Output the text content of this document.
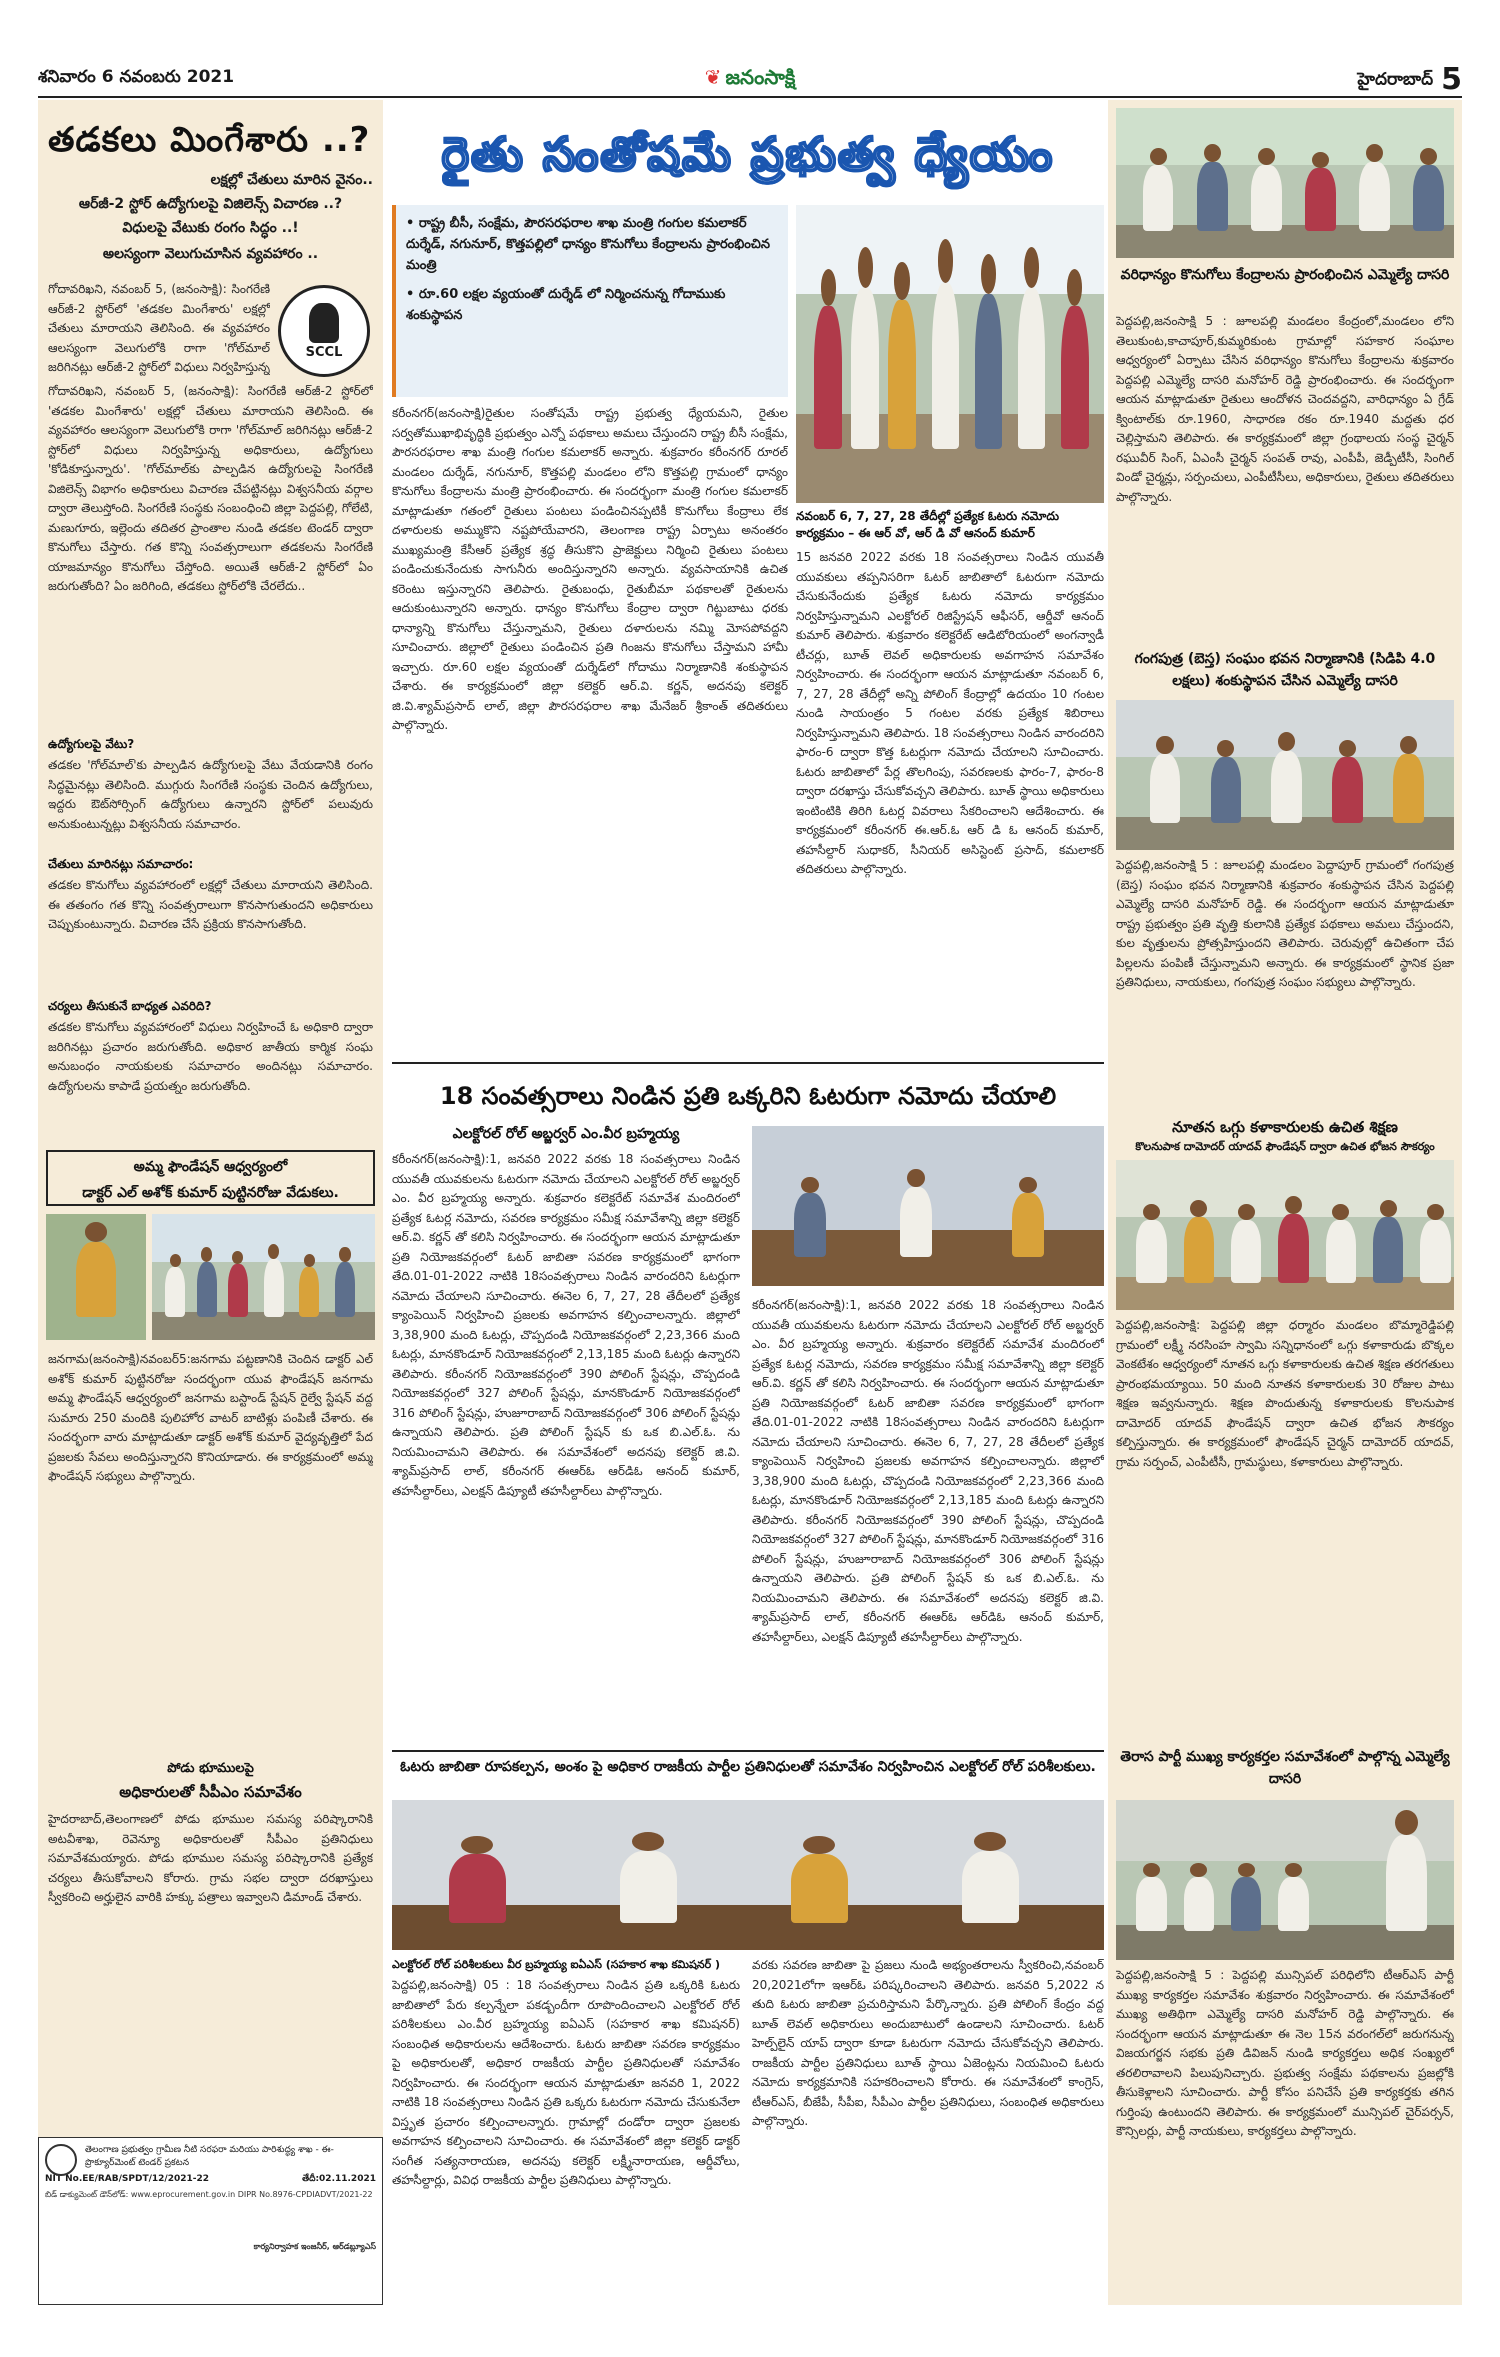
శనివారం 6 నవంబరు 2021	❦ జనంసాక్షి	హైదరాబాద్ 5
తడకలు మింగేశారు ..?
లక్షల్లో చేతులు మారిన వైనం..
ఆర్‌జీ-2 స్టోర్‌ ఉద్యోగులపై విజిలెన్స్‌ విచారణ ..?
విధులపై వేటుకు రంగం సిద్ధం ..!
అలస్యంగా వెలుగుచూసిన వ్యవహారం ..
SCCL
గోదావరిఖని, నవంబర్‌ 5, (జనంసాక్షి): సింగరేణి ఆర్‌జీ-2 స్టోర్‌లో 'తడకల మింగేశారు' లక్షల్లో చేతులు మారాయని తెలిసింది. ఈ వ్యవహారం ఆలస్యంగా వెలుగులోకి రాగా 'గోల్‌మాల్‌ జరిగినట్లు ఆర్‌జీ-2 స్టోర్‌లో విధులు నిర్వహిస్తున్న
గోదావరిఖని, నవంబర్‌ 5, (జనంసాక్షి): సింగరేణి ఆర్‌జీ-2 స్టోర్‌లో 'తడకల మింగేశారు' లక్షల్లో చేతులు మారాయని తెలిసింది. ఈ వ్యవహారం ఆలస్యంగా వెలుగులోకి రాగా 'గోల్‌మాల్‌ జరిగినట్లు ఆర్‌జీ-2 స్టోర్‌లో విధులు నిర్వహిస్తున్న అధికారులు, ఉద్యోగులు 'కోడికూస్తున్నారు'. 'గోల్‌మాల్‌కు పాల్పడిన ఉద్యోగులపై సింగరేణి విజిలెన్స్‌ విభాగం అధికారులు విచారణ చేపట్టినట్లు విశ్వసనీయ వర్గాల ద్వారా తెలుస్తోంది. సింగరేణి సంస్థకు సంబంధించి జిల్లా పెద్దపల్లి, గోలేటి, మణుగూరు, ఇల్లెందు తదితర ప్రాంతాల నుండి తడకల టెండర్‌ ద్వారా కొనుగోలు చేస్తారు. గత కొన్ని సంవత్సరాలుగా తడకలను సింగరేణి యాజమాన్యం కొనుగోలు చేస్తోంది. అయితే ఆర్‌జీ-2 స్టోర్‌లో ఏం జరుగుతోంది? ఏం జరిగింది, తడకలు స్టోర్‌లోకి చేరలేదు..
ఉద్యోగులపై వేటు?
తడకల 'గోల్‌మాల్‌'కు పాల్పడిన ఉద్యోగులపై వేటు వేయడానికి రంగం సిద్ధమైనట్లు తెలిసింది. ముగ్గురు సింగరేణి సంస్థకు చెందిన ఉద్యోగులు, ఇద్దరు ఔట్‌సోర్సింగ్‌ ఉద్యోగులు ఉన్నారని స్టోర్‌లో పలువురు అనుకుంటున్నట్లు విశ్వసనీయ సమాచారం.
చేతులు మారినట్లు సమాచారం:
తడకల కొనుగోలు వ్యవహారంలో లక్షల్లో చేతులు మారాయని తెలిసింది. ఈ తతంగం గత కొన్ని సంవత్సరాలుగా కొనసాగుతుందని అధికారులు చెప్పుకుంటున్నారు. విచారణ చేసే ప్రక్రియ కొనసాగుతోంది.
చర్యలు తీసుకునే బాధ్యత ఎవరిది?
తడకల కొనుగోలు వ్యవహారంలో విధులు నిర్వహించే ఓ అధికారి ద్వారా జరిగినట్లు ప్రచారం జరుగుతోంది. అధికార జాతీయ కార్మిక సంఘ అనుబంధం నాయకులకు సమాచారం అందినట్లు సమాచారం. ఉద్యోగులను కాపాడే ప్రయత్నం జరుగుతోంది.
అమ్మ ఫౌండేషన్‌ ఆధ్వర్యంలో
డాక్టర్‌ ఎల్‌ అశోక్‌ కుమార్‌ పుట్టినరోజు వేడుకలు.
జనగామ(జనంసాక్షి)నవంబర్‌5:జనగామ పట్టణానికి చెందిన డాక్టర్‌ ఎల్‌ అశోక్‌ కుమార్‌ పుట్టినరోజు సందర్భంగా యువ ఫౌండేషన్‌ జనగామ అమ్మ ఫౌండేషన్‌ ఆధ్వర్యంలో జనగామ బస్టాండ్‌ స్టేషన్‌ రైల్వే స్టేషన్‌ వద్ద సుమారు 250 మందికి పులిహోర వాటర్‌ బాటిళ్లు పంపిణీ చేశారు. ఈ సందర్భంగా వారు మాట్లాడుతూ డాక్టర్‌ అశోక్‌ కుమార్‌ వైద్యవృత్తిలో పేద ప్రజలకు సేవలు అందిస్తున్నారని కొనియాడారు. ఈ కార్యక్రమంలో అమ్మ ఫౌండేషన్‌ సభ్యులు పాల్గొన్నారు.
పోడు భూములపై
అధికారులతో సీపీఎం సమావేశం
హైదరాబాద్‌,తెలంగాణలో పోడు భూముల సమస్య పరిష్కారానికి అటవీశాఖ, రెవెన్యూ అధికారులతో సీపీఎం ప్రతినిధులు సమావేశమయ్యారు. పోడు భూముల సమస్య పరిష్కారానికి ప్రత్యేక చర్యలు తీసుకోవాలని కోరారు. గ్రామ సభల ద్వారా దరఖాస్తులు స్వీకరించి అర్హులైన వారికి హక్కు పత్రాలు ఇవ్వాలని డిమాండ్‌ చేశారు.
తెలంగాణ ప్రభుత్వం గ్రామీణ నీటి సరఫరా మరియు పారిశుద్ధ్య శాఖ - ఈ-ప్రొక్యూర్‌మెంట్‌ టెండర్‌ ప్రకటన
NIT No.EE/RAB/SPDT/12/2021-22	తేదీ:02.11.2021
బిడ్‌ డాక్యుమెంట్‌ డౌన్‌లోడ్‌: www.eprocurement.gov.in DIPR No.8976-CPDIADVT/2021-22
కార్యనిర్వాహక ఇంజనీర్‌, ఆర్‌డబ్ల్యూఎస్‌
రైతు సంతోషమే ప్రభుత్వ ధ్యేయం
• రాష్ట్ర బీసీ, సంక్షేమ, పౌరసరఫరాల శాఖ మంత్రి గంగుల కమలాకర్‌ దుర్శేడ్‌, నగునూర్‌, కొత్తపల్లిలో ధాన్యం కొనుగోలు కేంద్రాలను ప్రారంభించిన మంత్రి
• రూ.60 లక్షల వ్యయంతో దుర్శేడ్‌ లో నిర్మించనున్న గోదాముకు శంకుస్థాపన
కరీంనగర్‌(జనంసాక్షి)రైతుల సంతోషమే రాష్ట్ర ప్రభుత్వ ధ్యేయమని, రైతుల సర్వతోముఖాభివృద్ధికి ప్రభుత్వం ఎన్నో పథకాలు అమలు చేస్తుందని రాష్ట్ర బీసీ సంక్షేమ, పౌరసరఫరాల శాఖ మంత్రి గంగుల కమలాకర్‌ అన్నారు. శుక్రవారం కరీంనగర్‌ రూరల్‌ మండలం దుర్శేడ్‌, నగునూర్‌, కొత్తపల్లి మండలం లోని కొత్తపల్లి గ్రామంలో ధాన్యం కొనుగోలు కేంద్రాలను మంత్రి ప్రారంభించారు. ఈ సందర్భంగా మంత్రి గంగుల కమలాకర్‌ మాట్లాడుతూ గతంలో రైతులు పంటలు పండించినప్పటికీ కొనుగోలు కేంద్రాలు లేక దళారులకు అమ్ముకొని నష్టపోయేవారని, తెలంగాణ రాష్ట్ర ఏర్పాటు అనంతరం ముఖ్యమంత్రి కేసీఆర్‌ ప్రత్యేక శ్రద్ధ తీసుకొని ప్రాజెక్టులు నిర్మించి రైతులు పంటలు పండించుకునేందుకు సాగునీరు అందిస్తున్నారని అన్నారు. వ్యవసాయానికి ఉచిత కరెంటు ఇస్తున్నారని తెలిపారు. రైతుబంధు, రైతుబీమా పథకాలతో రైతులను ఆదుకుంటున్నారని అన్నారు. ధాన్యం కొనుగోలు కేంద్రాల ద్వారా గిట్టుబాటు ధరకు ధాన్యాన్ని కొనుగోలు చేస్తున్నామని, రైతులు దళారులను నమ్మి మోసపోవద్దని సూచించారు. జిల్లాలో రైతులు పండించిన ప్రతి గింజను కొనుగోలు చేస్తామని హామీ ఇచ్చారు. రూ.60 లక్షల వ్యయంతో దుర్శేడ్‌లో గోదాము నిర్మాణానికి శంకుస్థాపన చేశారు. ఈ కార్యక్రమంలో జిల్లా కలెక్టర్‌ ఆర్‌.వి. కర్ణన్‌, అదనపు కలెక్టర్‌ జి.వి.శ్యామ్‌ప్రసాద్‌ లాల్‌, జిల్లా పౌరసరఫరాల శాఖ మేనేజర్‌ శ్రీకాంత్‌ తదితరులు పాల్గొన్నారు.
నవంబర్‌ 6, 7, 27, 28 తేదీల్లో ప్రత్యేక ఓటరు నమోదు కార్యక్రమం – ఈ ఆర్‌ వో, ఆర్‌ డి వో ఆనంద్‌ కుమార్‌
15 జనవరి 2022 వరకు 18 సంవత్సరాలు నిండిన యువతీ యువకులు తప్పనిసరిగా ఓటర్‌ జాబితాలో ఓటరుగా నమోదు చేసుకునేందుకు ప్రత్యేక ఓటరు నమోదు కార్యక్రమం నిర్వహిస్తున్నామని ఎలక్టోరల్‌ రిజిస్ట్రేషన్‌ ఆఫీసర్‌, ఆర్డీవో ఆనంద్‌ కుమార్‌ తెలిపారు. శుక్రవారం కలెక్టరేట్‌ ఆడిటోరియంలో అంగన్వాడీ టీచర్లు, బూత్‌ లెవల్‌ అధికారులకు అవగాహన సమావేశం నిర్వహించారు. ఈ సందర్భంగా ఆయన మాట్లాడుతూ నవంబర్‌ 6, 7, 27, 28 తేదీల్లో అన్ని పోలింగ్‌ కేంద్రాల్లో ఉదయం 10 గంటల నుండి సాయంత్రం 5 గంటల వరకు ప్రత్యేక శిబిరాలు నిర్వహిస్తున్నామని తెలిపారు. 18 సంవత్సరాలు నిండిన వారందరిని ఫారం-6 ద్వారా కొత్త ఓటర్లుగా నమోదు చేయాలని సూచించారు. ఓటరు జాబితాలో పేర్ల తొలగింపు, సవరణలకు ఫారం-7, ఫారం-8 ద్వారా దరఖాస్తు చేసుకోవచ్చని తెలిపారు. బూత్‌ స్థాయి అధికారులు ఇంటింటికి తిరిగి ఓటర్ల వివరాలు సేకరించాలని ఆదేశించారు. ఈ కార్యక్రమంలో కరీంనగర్‌ ఈ.ఆర్‌.ఓ ఆర్‌ డి ఓ ఆనంద్‌ కుమార్‌, తహసీల్దార్‌ సుధాకర్‌, సీనియర్‌ అసిస్టెంట్‌ ప్రసాద్‌, కమలాకర్‌ తదితరులు పాల్గొన్నారు.
18 సంవత్సరాలు నిండిన ప్రతి ఒక్కరిని ఓటరుగా నమోదు చేయాలి
ఎలక్టోరల్‌ రోల్‌ అబ్జర్వర్‌ ఎం.వీర బ్రహ్మయ్య
కరీంనగర్‌(జనంసాక్షి):1, జనవరి 2022 వరకు 18 సంవత్సరాలు నిండిన యువతీ యువకులను ఓటరుగా నమోదు చేయాలని ఎలక్టోరల్‌ రోల్‌ అబ్జర్వర్‌ ఎం. వీర బ్రహ్మయ్య అన్నారు. శుక్రవారం కలెక్టరేట్‌ సమావేశ మందిరంలో ప్రత్యేక ఓటర్ల నమోదు, సవరణ కార్యక్రమం సమీక్ష సమావేశాన్ని జిల్లా కలెక్టర్‌ ఆర్‌.వి. కర్ణన్‌ తో కలిసి నిర్వహించారు. ఈ సందర్భంగా ఆయన మాట్లాడుతూ ప్రతి నియోజకవర్గంలో ఓటర్‌ జాబితా సవరణ కార్యక్రమంలో భాగంగా తేది.01-01-2022 నాటికి 18సంవత్సరాలు నిండిన వారందరిని ఓటర్లుగా నమోదు చేయాలని సూచించారు. ఈనెల 6, 7, 27, 28 తేదీలలో ప్రత్యేక క్యాంపెయిన్‌ నిర్వహించి ప్రజలకు అవగాహన కల్పించాలన్నారు. జిల్లాలో 3,38,900 మంది ఓటర్లు, చొప్పదండి నియోజకవర్గంలో 2,23,366 మంది ఓటర్లు, మానకొండూర్‌ నియోజకవర్గంలో 2,13,185 మంది ఓటర్లు ఉన్నారని తెలిపారు. కరీంనగర్‌ నియోజకవర్గంలో 390 పోలింగ్‌ స్టేషన్లు, చొప్పదండి నియోజకవర్గంలో 327 పోలింగ్‌ స్టేషన్లు, మానకొండూర్‌ నియోజకవర్గంలో 316 పోలింగ్‌ స్టేషన్లు, హుజూరాబాద్‌ నియోజకవర్గంలో 306 పోలింగ్‌ స్టేషన్లు ఉన్నాయని తెలిపారు. ప్రతి పోలింగ్‌ స్టేషన్‌ కు ఒక బి.ఎల్‌.ఓ. ను నియమించామని తెలిపారు. ఈ సమావేశంలో అదనపు కలెక్టర్‌ జి.వి. శ్యామ్‌ప్రసాద్‌ లాల్‌, కరీంనగర్‌ ఈఆర్‌ఓ ఆర్‌డిఓ ఆనంద్‌ కుమార్‌, తహసీల్దార్‌లు, ఎలక్షన్‌ డిప్యూటీ తహసీల్దార్‌లు పాల్గొన్నారు.
కరీంనగర్‌(జనంసాక్షి):1, జనవరి 2022 వరకు 18 సంవత్సరాలు నిండిన యువతీ యువకులను ఓటరుగా నమోదు చేయాలని ఎలక్టోరల్‌ రోల్‌ అబ్జర్వర్‌ ఎం. వీర బ్రహ్మయ్య అన్నారు. శుక్రవారం కలెక్టరేట్‌ సమావేశ మందిరంలో ప్రత్యేక ఓటర్ల నమోదు, సవరణ కార్యక్రమం సమీక్ష సమావేశాన్ని జిల్లా కలెక్టర్‌ ఆర్‌.వి. కర్ణన్‌ తో కలిసి నిర్వహించారు. ఈ సందర్భంగా ఆయన మాట్లాడుతూ ప్రతి నియోజకవర్గంలో ఓటర్‌ జాబితా సవరణ కార్యక్రమంలో భాగంగా తేది.01-01-2022 నాటికి 18సంవత్సరాలు నిండిన వారందరిని ఓటర్లుగా నమోదు చేయాలని సూచించారు. ఈనెల 6, 7, 27, 28 తేదీలలో ప్రత్యేక క్యాంపెయిన్‌ నిర్వహించి ప్రజలకు అవగాహన కల్పించాలన్నారు. జిల్లాలో 3,38,900 మంది ఓటర్లు, చొప్పదండి నియోజకవర్గంలో 2,23,366 మంది ఓటర్లు, మానకొండూర్‌ నియోజకవర్గంలో 2,13,185 మంది ఓటర్లు ఉన్నారని తెలిపారు. కరీంనగర్‌ నియోజకవర్గంలో 390 పోలింగ్‌ స్టేషన్లు, చొప్పదండి నియోజకవర్గంలో 327 పోలింగ్‌ స్టేషన్లు, మానకొండూర్‌ నియోజకవర్గంలో 316 పోలింగ్‌ స్టేషన్లు, హుజూరాబాద్‌ నియోజకవర్గంలో 306 పోలింగ్‌ స్టేషన్లు ఉన్నాయని తెలిపారు. ప్రతి పోలింగ్‌ స్టేషన్‌ కు ఒక బి.ఎల్‌.ఓ. ను నియమించామని తెలిపారు. ఈ సమావేశంలో అదనపు కలెక్టర్‌ జి.వి. శ్యామ్‌ప్రసాద్‌ లాల్‌, కరీంనగర్‌ ఈఆర్‌ఓ ఆర్‌డిఓ ఆనంద్‌ కుమార్‌, తహసీల్దార్‌లు, ఎలక్షన్‌ డిప్యూటీ తహసీల్దార్‌లు పాల్గొన్నారు.
ఓటరు జాబితా రూపకల్పన, అంశం పై అధికార రాజకీయ పార్టీల ప్రతినిధులతో సమావేశం నిర్వహించిన ఎలక్టోరల్‌ రోల్‌ పరిశీలకులు.
ఎలక్టోరల్‌ రోల్‌ పరిశీలకులు వీర బ్రహ్మయ్య ఐఏఎస్‌ (సహకార శాఖ కమిషనర్‌ )
పెద్దపల్లి,జనంసాక్షి) 05 : 18 సంవత్సరాలు నిండిన ప్రతి ఒక్కరికి ఓటరు జాబితాలో పేరు కల్పన్నేలా పకడ్బందీగా రూపొందించాలని ఎలక్టోరల్‌ రోల్‌ పరిశీలకులు ఎం.వీర బ్రహ్మయ్య ఐఏఎస్‌ (సహకార శాఖ కమిషనర్‌) సంబంధిత అధికారులను ఆదేశించారు. ఓటరు జాబితా సవరణ కార్యక్రమం పై అధికారులతో, అధికార రాజకీయ పార్టీల ప్రతినిధులతో సమావేశం నిర్వహించారు. ఈ సందర్భంగా ఆయన మాట్లాడుతూ జనవరి 1, 2022 నాటికి 18 సంవత్సరాలు నిండిన ప్రతి ఒక్కరు ఓటరుగా నమోదు చేసుకునేలా విస్తృత ప్రచారం కల్పించాలన్నారు. గ్రామాల్లో దండోరా ద్వారా ప్రజలకు అవగాహన కల్పించాలని సూచించారు. ఈ సమావేశంలో జిల్లా కలెక్టర్‌ డాక్టర్‌ సంగీత సత్యనారాయణ, అదనపు కలెక్టర్‌ లక్ష్మీనారాయణ, ఆర్డీవోలు, తహసీల్దార్లు, వివిధ రాజకీయ పార్టీల ప్రతినిధులు పాల్గొన్నారు.
వరకు సవరణ జాబితా పై ప్రజలు నుండి అభ్యంతరాలను స్వీకరించి,నవంబర్‌ 20,2021లోగా ఇఆర్‌ఓ పరిష్కరించాలని తెలిపారు. జనవరి 5,2022 న తుది ఓటరు జాబితా ప్రచురిస్తామని పేర్కొన్నారు. ప్రతి పోలింగ్‌ కేంద్రం వద్ద బూత్‌ లెవల్‌ అధికారులు అందుబాటులో ఉండాలని సూచించారు. ఓటర్‌ హెల్ప్‌లైన్‌ యాప్‌ ద్వారా కూడా ఓటరుగా నమోదు చేసుకోవచ్చని తెలిపారు. రాజకీయ పార్టీల ప్రతినిధులు బూత్‌ స్థాయి ఏజెంట్లను నియమించి ఓటరు నమోదు కార్యక్రమానికి సహకరించాలని కోరారు. ఈ సమావేశంలో కాంగ్రెస్‌, టీఆర్‌ఎస్‌, బీజేపీ, సీపీఐ, సీపీఎం పార్టీల ప్రతినిధులు, సంబంధిత అధికారులు పాల్గొన్నారు.
వరిధాన్యం కొనుగోలు కేంద్రాలను ప్రారంభించిన ఎమ్మెల్యే దాసరి
పెద్దపల్లి,జనంసాక్షి 5 : జూలపల్లి మండలం కేంద్రంలో,మండలం లోని తెలుకుంట,కాచాపూర్‌,కుమ్మరికుంట గ్రామాల్లో సహకార సంఘాల ఆధ్వర్యంలో ఏర్పాటు చేసిన వరిధాన్యం కొనుగోలు కేంద్రాలను శుక్రవారం పెద్దపల్లి ఎమ్మెల్యే దాసరి మనోహర్‌ రెడ్డి ప్రారంభించారు. ఈ సందర్భంగా ఆయన మాట్లాడుతూ రైతులు ఆందోళన చెందవద్దని, వారిధాన్యం ఏ గ్రేడ్‌ క్వింటాల్‌కు రూ.1960, సాధారణ రకం రూ.1940 మద్దతు ధర చెల్లిస్తామని తెలిపారు. ఈ కార్యక్రమంలో జిల్లా గ్రంథాలయ సంస్థ చైర్మన్‌ రఘువీర్‌ సింగ్‌, ఏఎంసీ చైర్మన్‌ సంపత్‌ రావు, ఎంపీపీ, జెడ్పీటీసీ, సింగిల్‌ విండో చైర్మన్లు, సర్పంచులు, ఎంపీటీసీలు, అధికారులు, రైతులు తదితరులు పాల్గొన్నారు.
గంగపుత్ర (బెస్త) సంఘం భవన నిర్మాణానికి (సిడిపి 4.0 లక్షలు) శంకుస్థాపన చేసిన ఎమ్మెల్యే దాసరి
పెద్దపల్లి,జనంసాక్షి 5 : జూలపల్లి మండలం పెద్దాపూర్‌ గ్రామంలో గంగపుత్ర (బెస్త) సంఘం భవన నిర్మాణానికి శుక్రవారం శంకుస్థాపన చేసిన పెద్దపల్లి ఎమ్మెల్యే దాసరి మనోహర్‌ రెడ్డి. ఈ సందర్భంగా ఆయన మాట్లాడుతూ రాష్ట్ర ప్రభుత్వం ప్రతి వృత్తి కులానికి ప్రత్యేక పథకాలు అమలు చేస్తుందని, కుల వృత్తులను ప్రోత్సహిస్తుందని తెలిపారు. చెరువుల్లో ఉచితంగా చేప పిల్లలను పంపిణీ చేస్తున్నామని అన్నారు. ఈ కార్యక్రమంలో స్థానిక ప్రజా ప్రతినిధులు, నాయకులు, గంగపుత్ర సంఘం సభ్యులు పాల్గొన్నారు.
నూతన ఒగ్గు కళాకారులకు ఉచిత శిక్షణ
కొలనుపాక దామోదర్‌ యాదవ్‌ ఫౌండేషన్‌ ద్వారా ఉచిత భోజన సౌకర్యం
పెద్దపల్లి,జనంసాక్షి: పెద్దపల్లి జిల్లా ధర్మారం మండలం బొమ్మారెడ్డిపల్లి గ్రామంలో లక్ష్మీ నరసింహ స్వామి సన్నిధానంలో ఒగ్గు కళాకారుడు బొక్కల వెంకటేశం ఆధ్వర్యంలో నూతన ఒగ్గు కళాకారులకు ఉచిత శిక్షణ తరగతులు ప్రారంభమయ్యాయి. 50 మంది నూతన కళాకారులకు 30 రోజుల పాటు శిక్షణ ఇవ్వనున్నారు. శిక్షణ పొందుతున్న కళాకారులకు కొలనుపాక దామోదర్‌ యాదవ్‌ ఫౌండేషన్‌ ద్వారా ఉచిత భోజన సౌకర్యం కల్పిస్తున్నారు. ఈ కార్యక్రమంలో ఫౌండేషన్‌ చైర్మన్‌ దామోదర్‌ యాదవ్‌, గ్రామ సర్పంచ్‌, ఎంపీటీసీ, గ్రామస్థులు, కళాకారులు పాల్గొన్నారు.
తెరాస పార్టీ ముఖ్య కార్యకర్తల సమావేశంలో పాల్గొన్న ఎమ్మెల్యే దాసరి
పెద్దపల్లి,జనంసాక్షి 5 : పెద్దపల్లి మున్సిపల్‌ పరిధిలోని టీఆర్‌ఎస్‌ పార్టీ ముఖ్య కార్యకర్తల సమావేశం శుక్రవారం నిర్వహించారు. ఈ సమావేశంలో ముఖ్య అతిథిగా ఎమ్మెల్యే దాసరి మనోహర్‌ రెడ్డి పాల్గొన్నారు. ఈ సందర్భంగా ఆయన మాట్లాడుతూ ఈ నెల 15న వరంగల్‌లో జరుగనున్న విజయగర్జన సభకు ప్రతి డివిజన్‌ నుండి కార్యకర్తలు అధిక సంఖ్యలో తరలిరావాలని పిలుపునిచ్చారు. ప్రభుత్వ సంక్షేమ పథకాలను ప్రజల్లోకి తీసుకెళ్లాలని సూచించారు. పార్టీ కోసం పనిచేసే ప్రతి కార్యకర్తకు తగిన గుర్తింపు ఉంటుందని తెలిపారు. ఈ కార్యక్రమంలో మున్సిపల్‌ చైర్‌పర్సన్‌, కౌన్సిలర్లు, పార్టీ నాయకులు, కార్యకర్తలు పాల్గొన్నారు.
